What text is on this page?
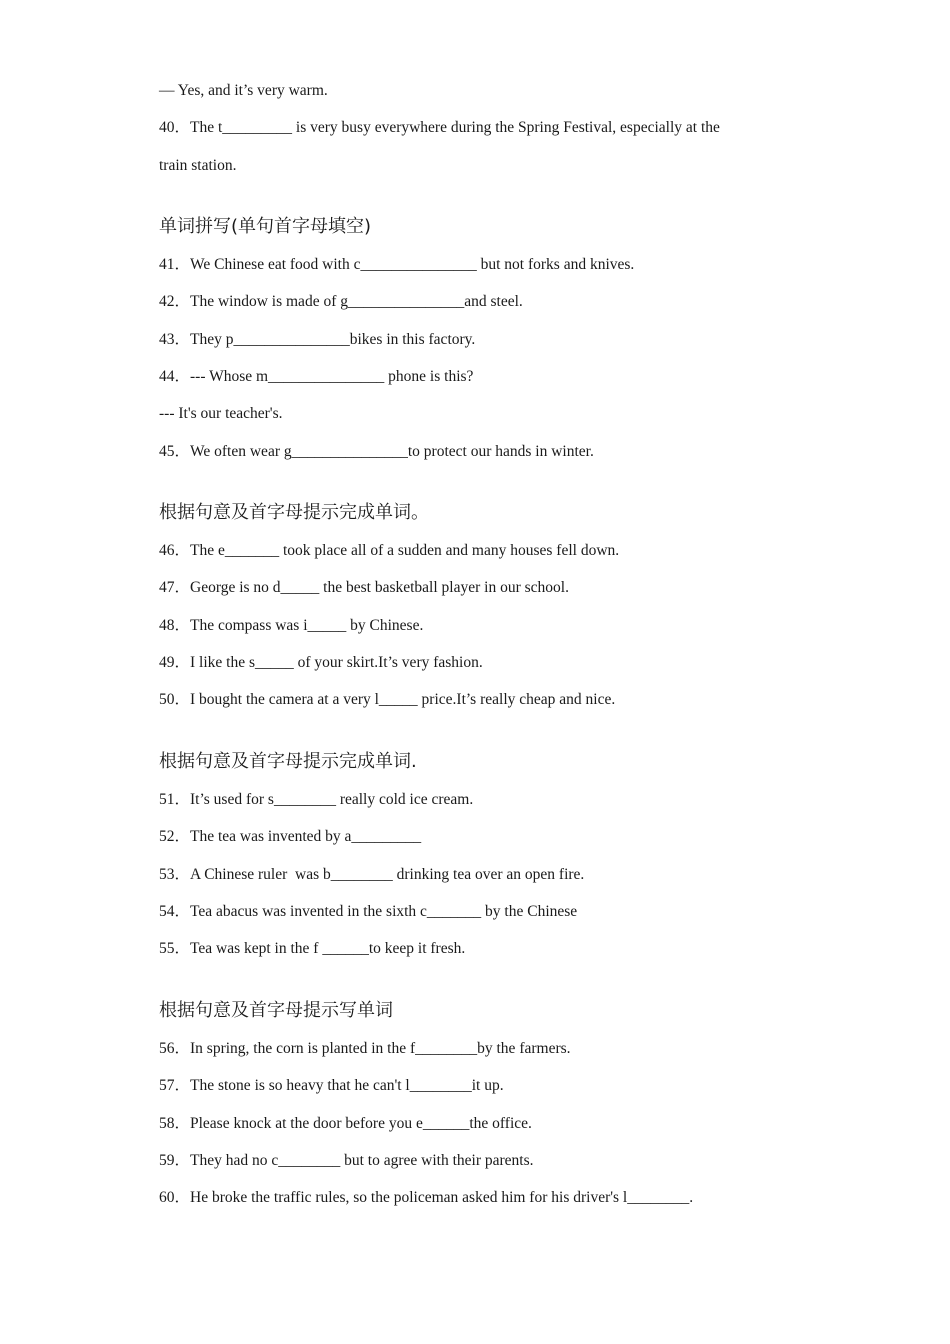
— Yes, and it’s very warm.
40．The t_________ is very busy everywhere during the Spring Festival, especially at the
train station.
单词拼写(单句首字母填空)
41．We Chinese eat food with c_______________ but not forks and knives.
42．The window is made of g_______________and steel.
43．They p_______________bikes in this factory.
44．--- Whose m_______________ phone is this?
--- It's our teacher's.
45．We often wear g_______________to protect our hands in winter.
根据句意及首字母提示完成单词。
46．The e_______ took place all of a sudden and many houses fell down.
47．George is no d_____ the best basketball player in our school.
48．The compass was i_____ by Chinese.
49．I like the s_____ of your skirt.It’s very fashion.
50．I bought the camera at a very l_____ price.It’s really cheap and nice.
根据句意及首字母提示完成单词.
51．It’s used for s________ really cold ice cream.
52．The tea was invented by a_________
53．A Chinese ruler  was b________ drinking tea over an open fire.
54．Tea abacus was invented in the sixth c_______ by the Chinese
55．Tea was kept in the f ______to keep it fresh.
根据句意及首字母提示写单词
56．In spring, the corn is planted in the f________by the farmers.
57．The stone is so heavy that he can't l________it up.
58．Please knock at the door before you e______the office.
59．They had no c________ but to agree with their parents.
60．He broke the traffic rules, so the policeman asked him for his driver's l________.
